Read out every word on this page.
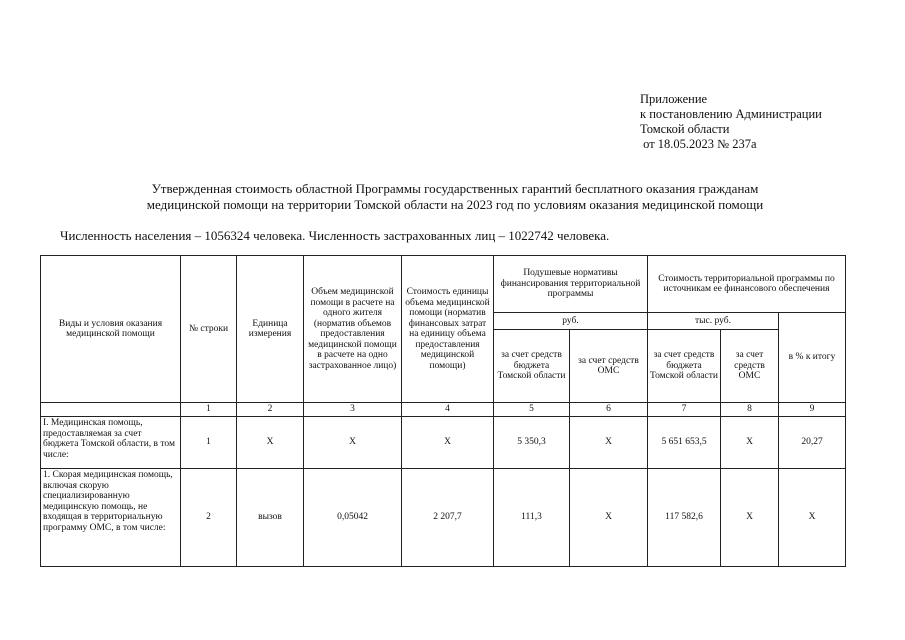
Приложение
к постановлению Администрации
Томской области
от 18.05.2023 № 237а
Утвержденная стоимость областной Программы государственных гарантий бесплатного оказания гражданам
медицинской помощи на территории Томской области на 2023 год по условиям оказания медицинской помощи
Численность населения – 1056324 человека. Численность застрахованных лиц – 1022742 человека.
Виды и условия оказания медицинской помощи	№ строки	Единица измерения	Объем медицинской помощи в расчете на одного жителя (норматив объемов предоставления медицинской помощи в расчете на одно застрахованное лицо)	Стоимость единицы объема медицинской помощи (норматив финансовых затрат на единицу объема предоставления медицинской помощи)	Подушевые нормативы финансирования территориальной программы		Стоимость территориальной программы по источникам ее финансового обеспечения		
					руб.		тыс. руб.		в % к итогу
					за счет средств бюджета Томской области	за счет средств ОМС	за счет средств бюджета Томской области	за счет средств ОМС	
	1	2	3	4	5	6	7	8	9
I. Медицинская помощь, предоставляемая за счет бюджета Томской области, в том числе:	1	Х	Х	Х	5 350,3	Х	5 651 653,5	Х	20,27
1. Скорая медицинская помощь, включая скорую специализированную медицинскую помощь, не входящая в территориальную программу ОМС, в том числе:	2	вызов	0,05042	2 207,7	111,3	Х	117 582,6	Х	Х
